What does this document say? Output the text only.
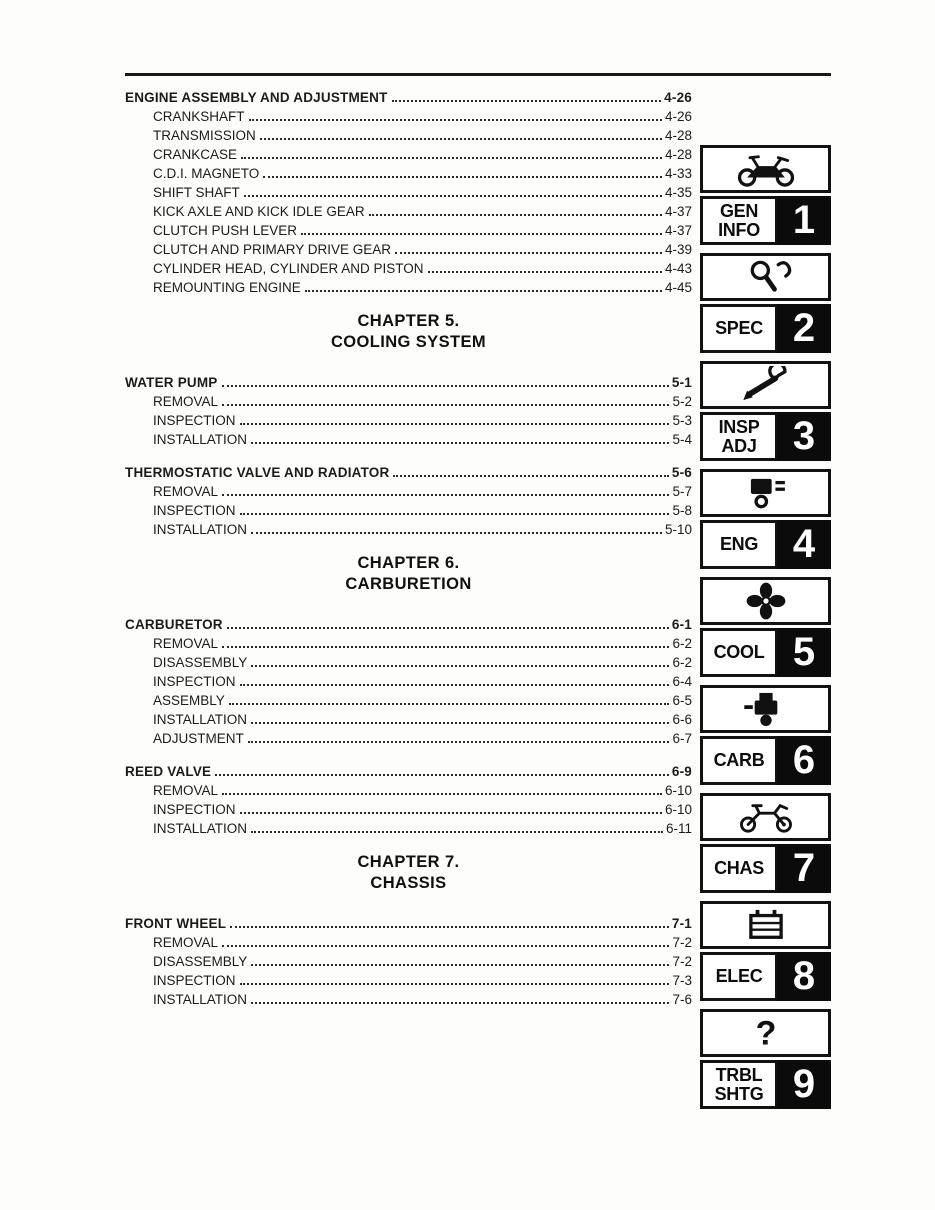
ENGINE ASSEMBLY AND ADJUSTMENT	4-26
CRANKSHAFT	4-26
TRANSMISSION	4-28
CRANKCASE	4-28
C.D.I. MAGNETO	4-33
SHIFT SHAFT	4-35
KICK AXLE AND KICK IDLE GEAR	4-37
CLUTCH PUSH LEVER	4-37
CLUTCH AND PRIMARY DRIVE GEAR	4-39
CYLINDER HEAD, CYLINDER AND PISTON	4-43
REMOUNTING ENGINE	4-45
CHAPTER 5.
COOLING SYSTEM
WATER PUMP	5-1
REMOVAL	5-2
INSPECTION	5-3
INSTALLATION	5-4
THERMOSTATIC VALVE AND RADIATOR	5-6
REMOVAL	5-7
INSPECTION	5-8
INSTALLATION	5-10
CHAPTER 6.
CARBURETION
CARBURETOR	6-1
REMOVAL	6-2
DISASSEMBLY	6-2
INSPECTION	6-4
ASSEMBLY	6-5
INSTALLATION	6-6
ADJUSTMENT	6-7
REED VALVE	6-9
REMOVAL	6-10
INSPECTION	6-10
INSTALLATION	6-11
CHAPTER 7.
CHASSIS
FRONT WHEEL	7-1
REMOVAL	7-2
DISASSEMBLY	7-2
INSPECTION	7-3
INSTALLATION	7-6
GEN
INFO 1
SPEC 2
INSP
ADJ 3
ENG 4
COOL 5
CARB 6
CHAS 7
ELEC 8
?
TRBL
SHTG 9
